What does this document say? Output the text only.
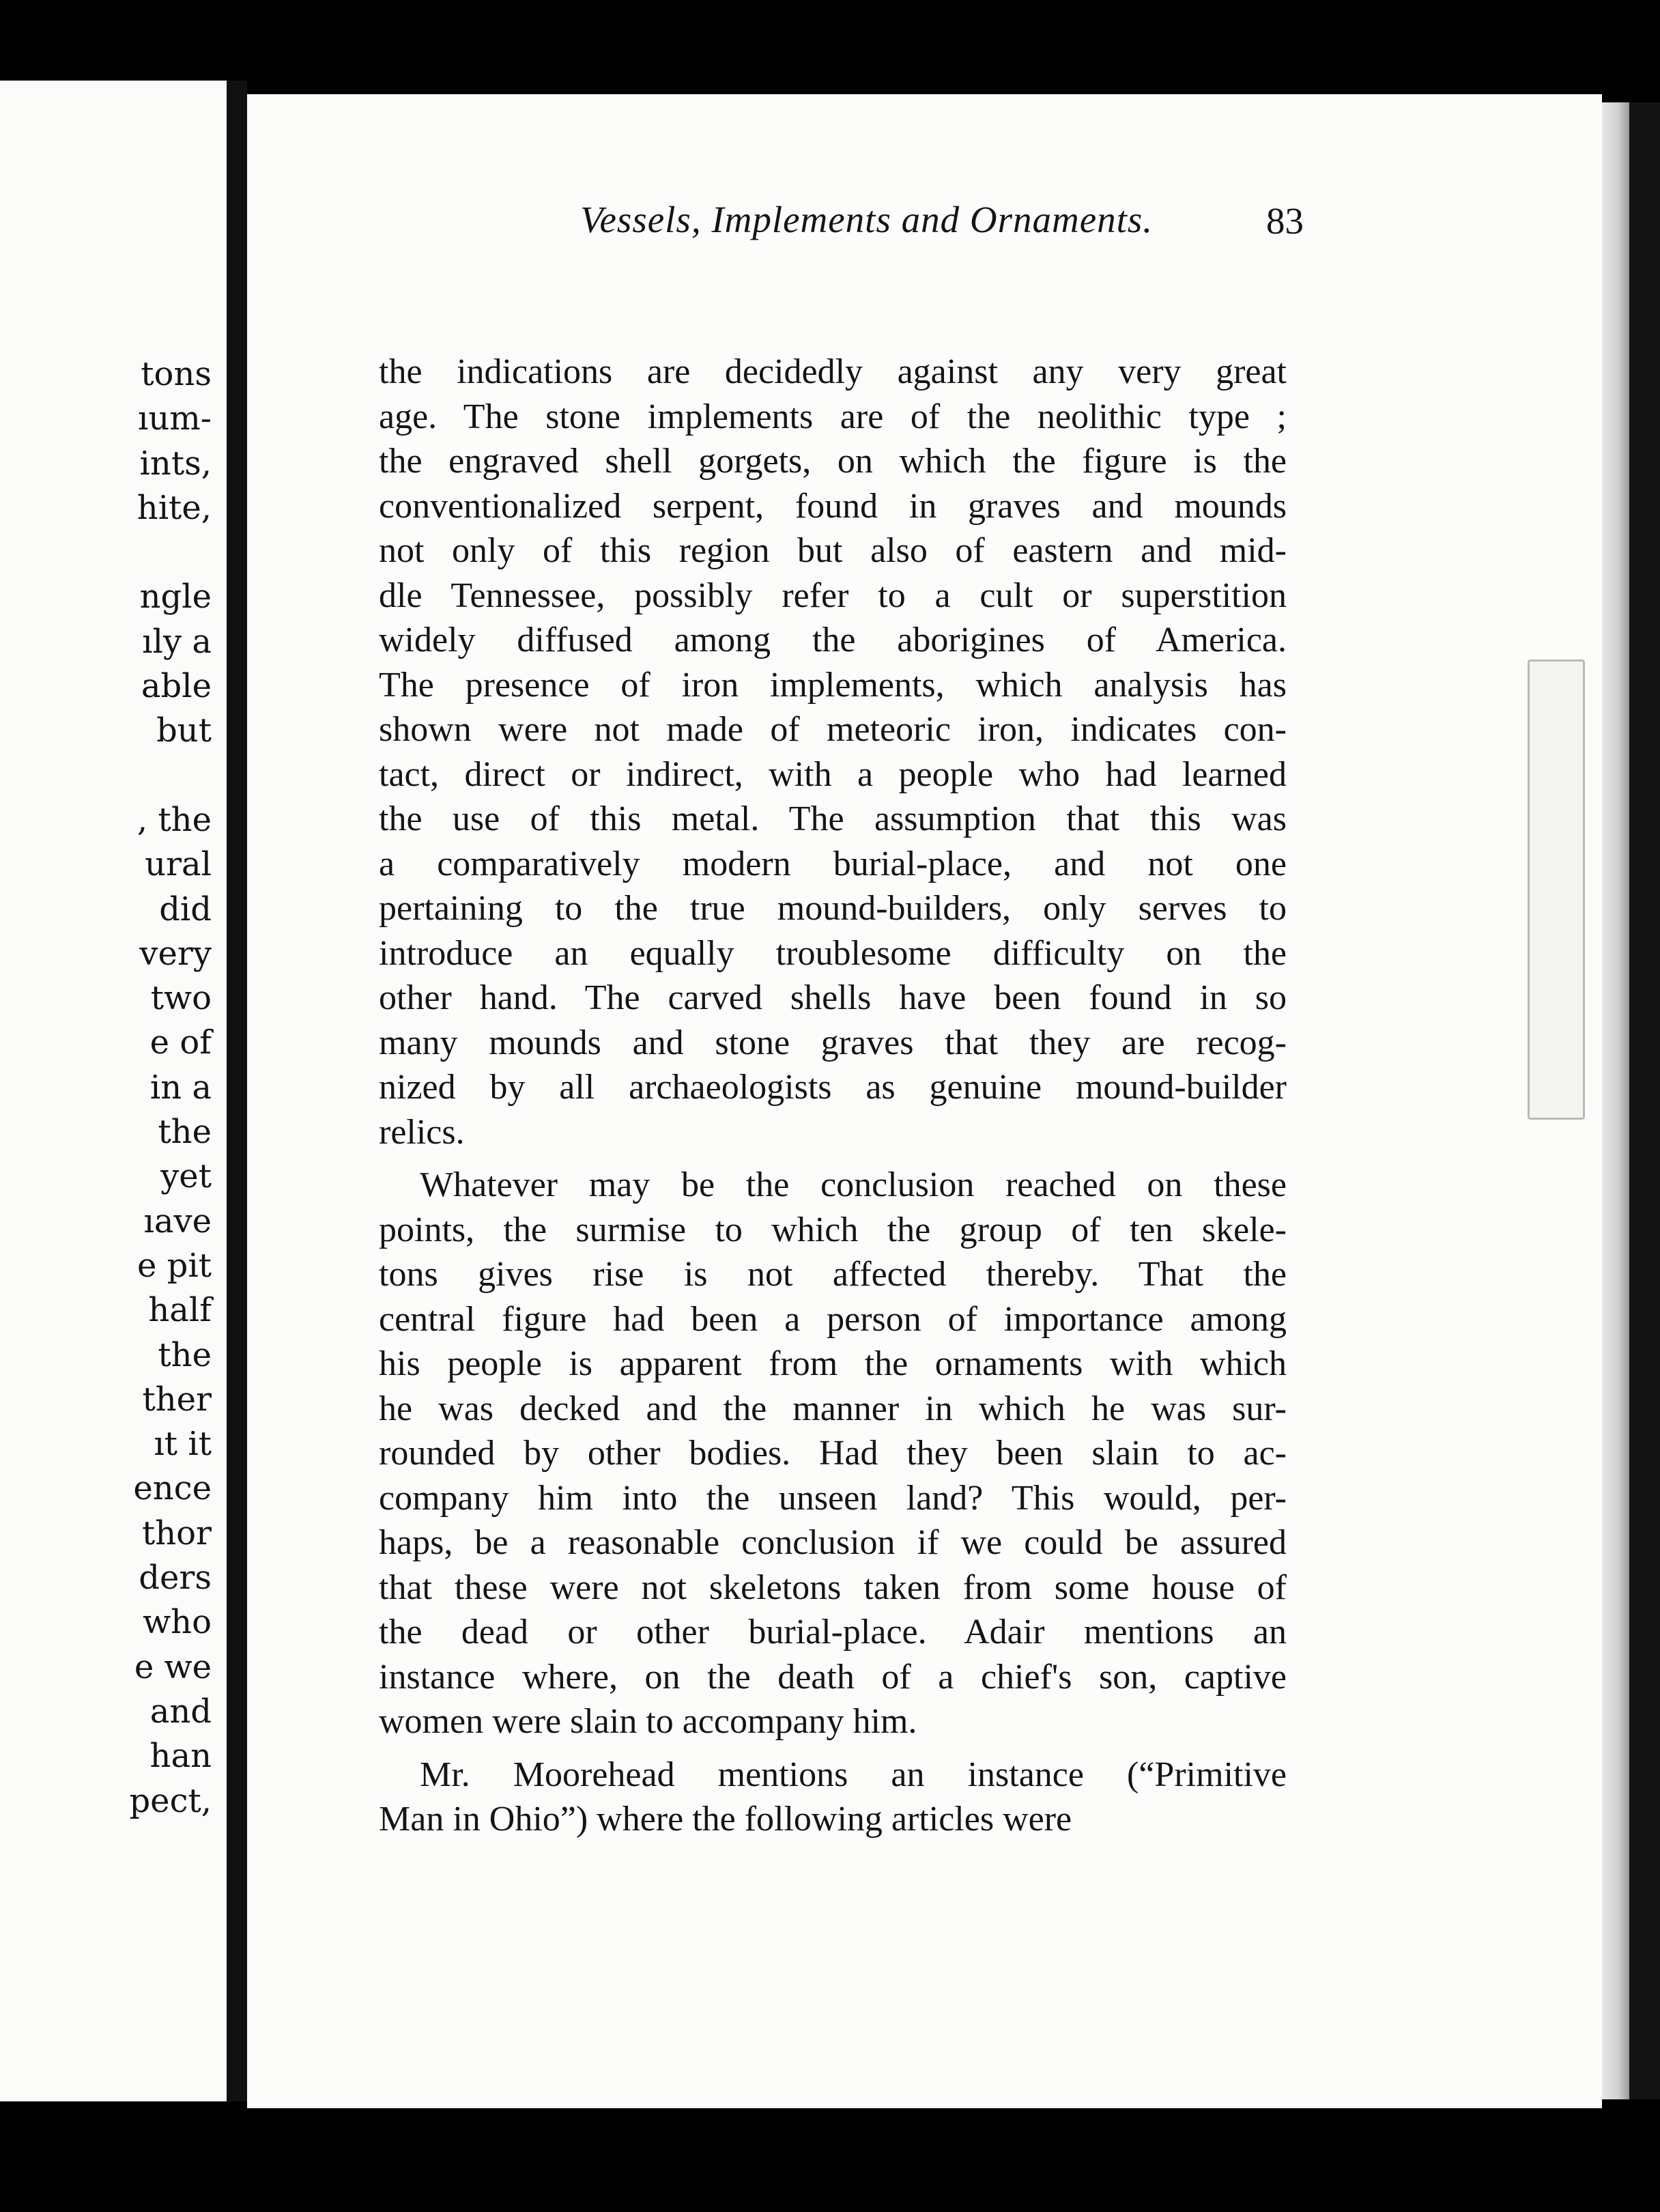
tons
ıum-
ints,
hite,
ngle
ıly a
able
but
, the
ural
did
very
two
e of
in a
the
yet
ıave
e pit
half
the
ther
ıt it
ence
thor
ders
who
e we
and
han
pect,
Vessels, Implements and Ornaments.	83
the indications are decidedly against any very great
age. The stone implements are of the neolithic type ;
the engraved shell gorgets, on which the figure is the
conventionalized serpent, found in graves and mounds
not only of this region but also of eastern and mid-
dle Tennessee, possibly refer to a cult or superstition
widely diffused among the aborigines of America.
The presence of iron implements, which analysis has
shown were not made of meteoric iron, indicates con-
tact, direct or indirect, with a people who had learned
the use of this metal. The assumption that this was
a comparatively modern burial-place, and not one
pertaining to the true mound-builders, only serves to
introduce an equally troublesome difficulty on the
other hand. The carved shells have been found in so
many mounds and stone graves that they are recog-
nized by all archaeologists as genuine mound-builder
relics.
Whatever may be the conclusion reached on these
points, the surmise to which the group of ten skele-
tons gives rise is not affected thereby. That the
central figure had been a person of importance among
his people is apparent from the ornaments with which
he was decked and the manner in which he was sur-
rounded by other bodies. Had they been slain to ac-
company him into the unseen land? This would, per-
haps, be a reasonable conclusion if we could be assured
that these were not skeletons taken from some house of
the dead or other burial-place. Adair mentions an
instance where, on the death of a chief's son, captive
women were slain to accompany him.
Mr. Moorehead mentions an instance (“Primitive
Man in Ohio”) where the following articles were
